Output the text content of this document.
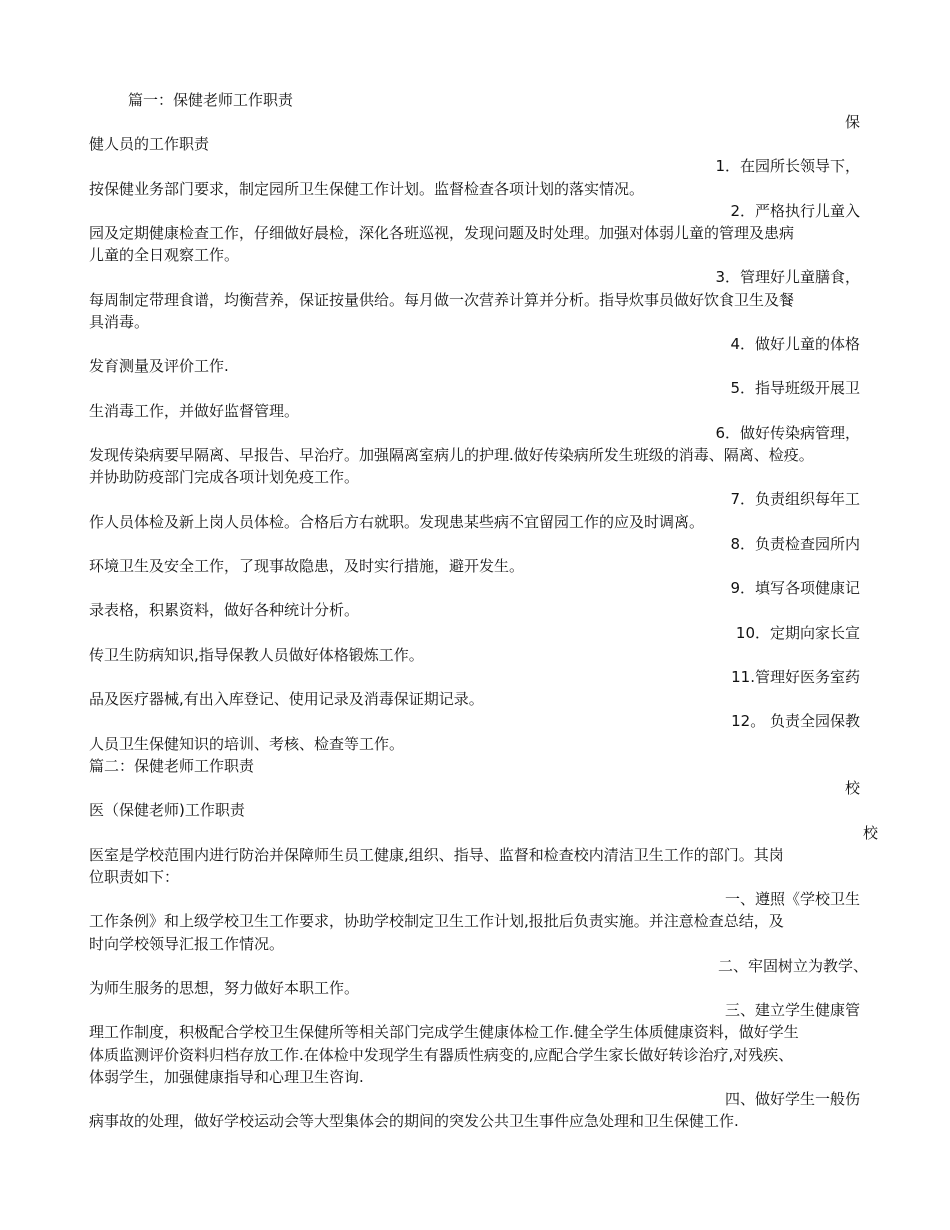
篇一：保健老师工作职责
保
健人员的工作职责
1．在园所长领导下，
按保健业务部门要求，制定园所卫生保健工作计划。监督检查各项计划的落实情况。
2．严格执行儿童入
园及定期健康检查工作，仔细做好晨检，深化各班巡视，发现问题及时处理。加强对体弱儿童的管理及患病
儿童的全日观察工作。
3．管理好儿童膳食，
每周制定带理食谱，均衡营养，保证按量供给。每月做一次营养计算并分析。指导炊事员做好饮食卫生及餐
具消毒。
4．做好儿童的体格
发育测量及评价工作.
5．指导班级开展卫
生消毒工作，并做好监督管理。
6．做好传染病管理，
发现传染病要早隔离、早报告、早治疗。加强隔离室病儿的护理.做好传染病所发生班级的消毒、隔离、检疫。
并协助防疫部门完成各项计划免疫工作。
7．负责组织每年工
作人员体检及新上岗人员体检。合格后方右就职。发现患某些病不宜留园工作的应及时调离。
8．负责检查园所内
环境卫生及安全工作，了现事故隐患，及时实行措施，避开发生。
9．填写各项健康记
录表格，积累资料，做好各种统计分析。
10．定期向家长宣
传卫生防病知识,指导保教人员做好体格锻炼工作。
11.管理好医务室药
品及医疗器械,有出入库登记、使用记录及消毒保证期记录。
12。 负责全园保教
人员卫生保健知识的培训、考核、检查等工作。
篇二：保健老师工作职责
校
医（保健老师)工作职责
校
医室是学校范围内进行防治并保障师生员工健康,组织、指导、监督和检查校内清洁卫生工作的部门。其岗
位职责如下：
一、遵照《学校卫生
工作条例》和上级学校卫生工作要求，协助学校制定卫生工作计划,报批后负责实施。并注意检查总结，及
时向学校领导汇报工作情况。
二、牢固树立为教学、
为师生服务的思想，努力做好本职工作。
三、建立学生健康管
理工作制度，积极配合学校卫生保健所等相关部门完成学生健康体检工作.健全学生体质健康资料，做好学生
体质监测评价资料归档存放工作.在体检中发现学生有器质性病变的,应配合学生家长做好转诊治疗,对残疾、
体弱学生，加强健康指导和心理卫生咨询.
四、做好学生一般伤
病事故的处理，做好学校运动会等大型集体会的期间的突发公共卫生事件应急处理和卫生保健工作.
